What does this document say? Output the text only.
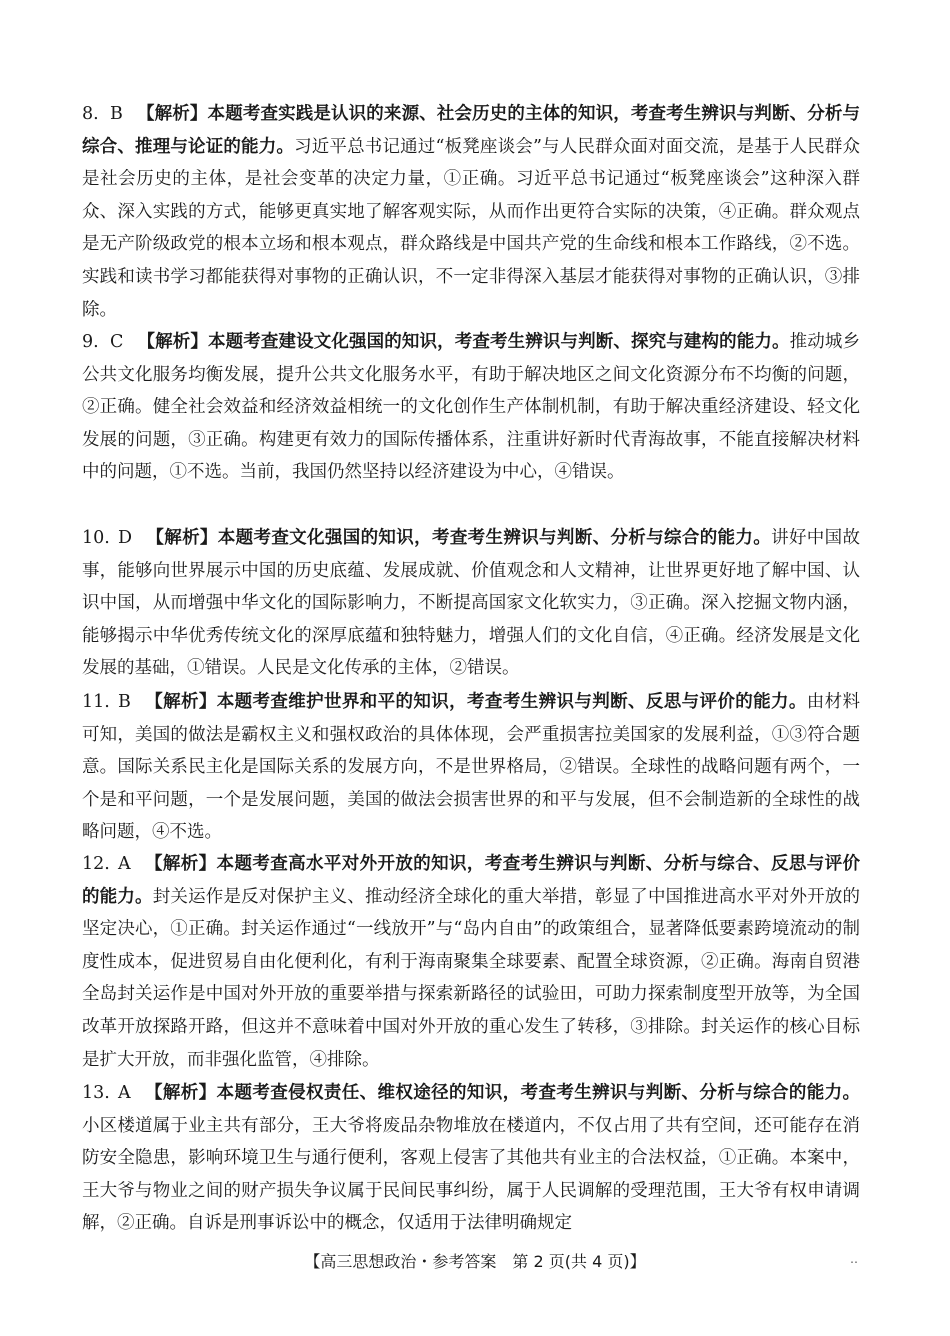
8. B 【解析】本题考查实践是认识的来源、社会历史的主体的知识，考查考生辨识与判断、分析与综合、推理与论证的能力。习近平总书记通过“板凳座谈会”与人民群众面对面交流，是基于人民群众是社会历史的主体，是社会变革的决定力量，①正确。习近平总书记通过“板凳座谈会”这种深入群众、深入实践的方式，能够更真实地了解客观实际，从而作出更符合实际的决策，④正确。群众观点是无产阶级政党的根本立场和根本观点，群众路线是中国共产党的生命线和根本工作路线，②不选。实践和读书学习都能获得对事物的正确认识，不一定非得深入基层才能获得对事物的正确认识，③排除。

9. C 【解析】本题考查建设文化强国的知识，考查考生辨识与判断、探究与建构的能力。推动城乡公共文化服务均衡发展，提升公共文化服务水平，有助于解决地区之间文化资源分布不均衡的问题，②正确。健全社会效益和经济效益相统一的文化创作生产体制机制，有助于解决重经济建设、轻文化发展的问题，③正确。构建更有效力的国际传播体系，注重讲好新时代青海故事，不能直接解决材料中的问题，①不选。当前，我国仍然坚持以经济建设为中心，④错误。

10. D 【解析】本题考查文化强国的知识，考查考生辨识与判断、分析与综合的能力。讲好中国故事，能够向世界展示中国的历史底蕴、发展成就、价值观念和人文精神，让世界更好地了解中国、认识中国，从而增强中华文化的国际影响力，不断提高国家文化软实力，③正确。深入挖掘文物内涵，能够揭示中华优秀传统文化的深厚底蕴和独特魅力，增强人们的文化自信，④正确。经济发展是文化发展的基础，①错误。人民是文化传承的主体，②错误。

11. B 【解析】本题考查维护世界和平的知识，考查考生辨识与判断、反思与评价的能力。由材料可知，美国的做法是霸权主义和强权政治的具体体现，会严重损害拉美国家的发展利益，①③符合题意。国际关系民主化是国际关系的发展方向，不是世界格局，②错误。全球性的战略问题有两个，一个是和平问题，一个是发展问题，美国的做法会损害世界的和平与发展，但不会制造新的全球性的战略问题，④不选。

12. A 【解析】本题考查高水平对外开放的知识，考查考生辨识与判断、分析与综合、反思与评价的能力。封关运作是反对保护主义、推动经济全球化的重大举措，彰显了中国推进高水平对外开放的坚定决心，①正确。封关运作通过“一线放开”与“岛内自由”的政策组合，显著降低要素跨境流动的制度性成本，促进贸易自由化便利化，有利于海南聚集全球要素、配置全球资源，②正确。海南自贸港全岛封关运作是中国对外开放的重要举措与探索新路径的试验田，可助力探索制度型开放等，为全国改革开放探路开路，但这并不意味着中国对外开放的重心发生了转移，③排除。封关运作的核心目标是扩大开放，而非强化监管，④排除。

13. A 【解析】本题考查侵权责任、维权途径的知识，考查考生辨识与判断、分析与综合的能力。小区楼道属于业主共有部分，王大爷将废品杂物堆放在楼道内，不仅占用了共有空间，还可能存在消防安全隐患，影响环境卫生与通行便利，客观上侵害了其他共有业主的合法权益，①正确。本案中，王大爷与物业之间的财产损失争议属于民间民事纠纷，属于人民调解的受理范围，王大爷有权申请调解，②正确。自诉是刑事诉讼中的概念，仅适用于法律明确规定

【高三思想政治・参考答案　第 2 页(共 4 页)】	‥
